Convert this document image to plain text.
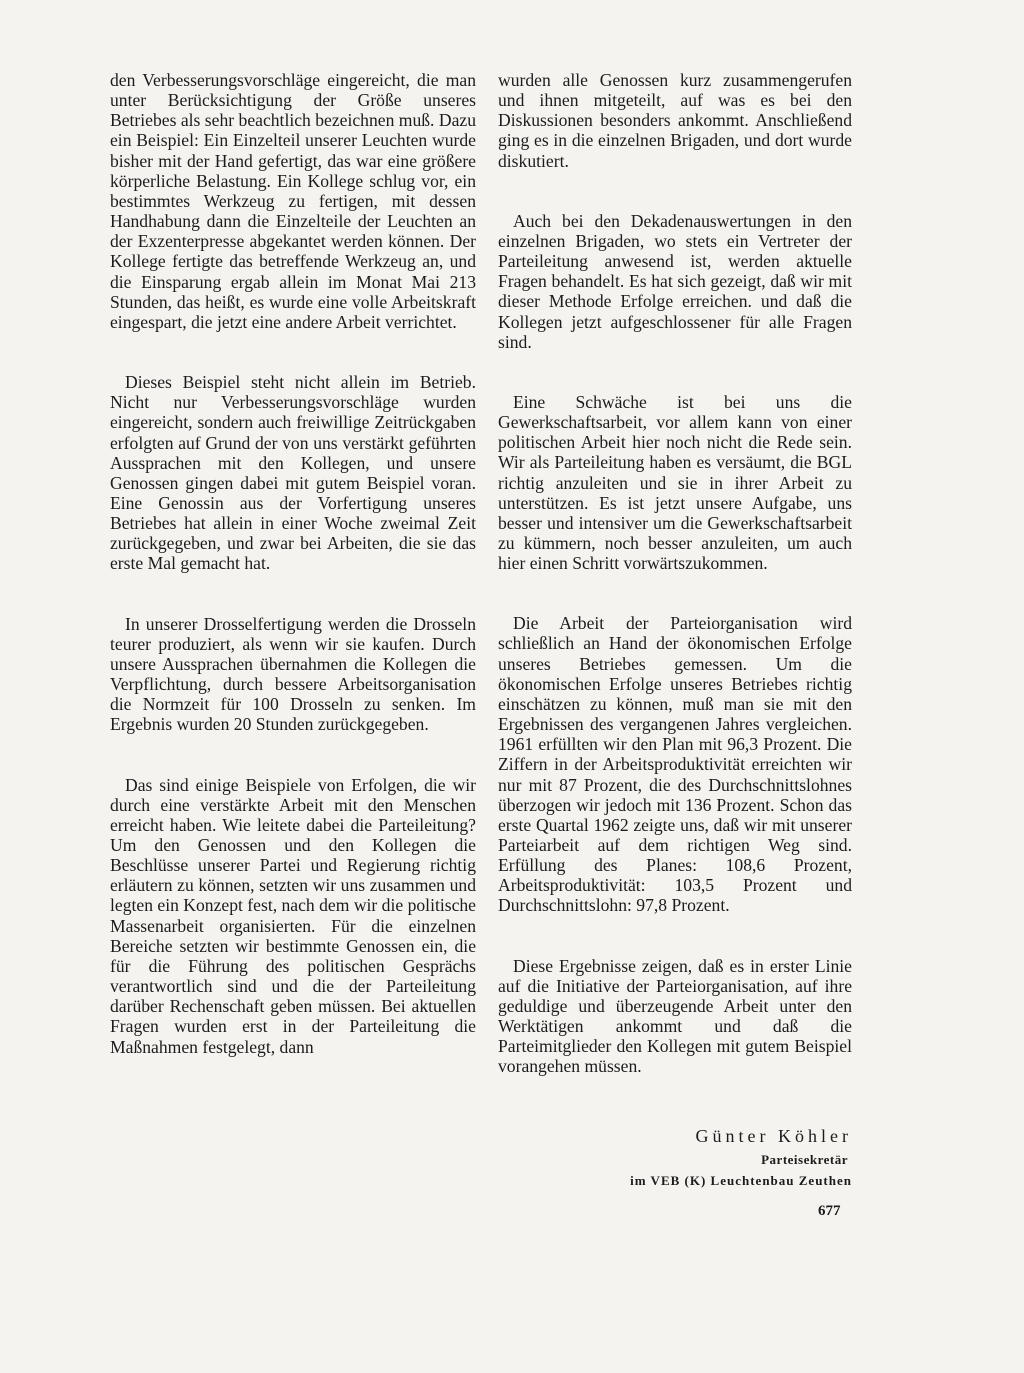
den Verbesserungsvorschläge eingereicht, die man unter Berücksichtigung der Größe unseres Betriebes als sehr beachtlich bezeichnen muß. Dazu ein Beispiel: Ein Einzelteil unserer Leuchten wurde bisher mit der Hand gefertigt, das war eine größere körperliche Belastung. Ein Kollege schlug vor, ein bestimmtes Werkzeug zu fertigen, mit dessen Handhabung dann die Einzelteile der Leuchten an der Exzenterpresse abgekantet werden können. Der Kollege fertigte das betreffende Werkzeug an, und die Einsparung ergab allein im Monat Mai 213 Stunden, das heißt, es wurde eine volle Arbeitskraft eingespart, die jetzt eine andere Arbeit verrichtet.

Dieses Beispiel steht nicht allein im Betrieb. Nicht nur Verbesserungsvorschläge wurden eingereicht, sondern auch freiwillige Zeitrückgaben erfolgten auf Grund der von uns verstärkt geführten Aussprachen mit den Kollegen, und unsere Genossen gingen dabei mit gutem Beispiel voran. Eine Genossin aus der Vorfertigung unseres Betriebes hat allein in einer Woche zweimal Zeit zurückgegeben, und zwar bei Arbeiten, die sie das erste Mal gemacht hat.

In unserer Drosselfertigung werden die Drosseln teurer produziert, als wenn wir sie kaufen. Durch unsere Aussprachen übernahmen die Kollegen die Verpflichtung, durch bessere Arbeitsorganisation die Normzeit für 100 Drosseln zu senken. Im Ergebnis wurden 20 Stunden zurückgegeben.

Das sind einige Beispiele von Erfolgen, die wir durch eine verstärkte Arbeit mit den Menschen erreicht haben. Wie leitete dabei die Parteileitung? Um den Genossen und den Kollegen die Beschlüsse unserer Partei und Regierung richtig erläutern zu können, setzten wir uns zusammen und legten ein Konzept fest, nach dem wir die politische Massenarbeit organisierten. Für die einzelnen Bereiche setzten wir bestimmte Genossen ein, die für die Führung des politischen Gesprächs verantwortlich sind und die der Parteileitung darüber Rechenschaft geben müssen. Bei aktuellen Fragen wurden erst in der Parteileitung die Maßnahmen festgelegt, dann

wurden alle Genossen kurz zusammengerufen und ihnen mitgeteilt, auf was es bei den Diskussionen besonders ankommt. Anschließend ging es in die einzelnen Brigaden, und dort wurde diskutiert.

Auch bei den Dekadenauswertungen in den einzelnen Brigaden, wo stets ein Vertreter der Parteileitung anwesend ist, werden aktuelle Fragen behandelt. Es hat sich gezeigt, daß wir mit dieser Methode Erfolge erreichen. und daß die Kollegen jetzt aufgeschlossener für alle Fragen sind.

Eine Schwäche ist bei uns die Gewerkschaftsarbeit, vor allem kann von einer politischen Arbeit hier noch nicht die Rede sein. Wir als Parteileitung haben es versäumt, die BGL richtig anzuleiten und sie in ihrer Arbeit zu unterstützen. Es ist jetzt unsere Aufgabe, uns besser und intensiver um die Gewerkschaftsarbeit zu kümmern, noch besser anzuleiten, um auch hier einen Schritt vorwärtszukommen.

Die Arbeit der Parteiorganisation wird schließlich an Hand der ökonomischen Erfolge unseres Betriebes gemessen. Um die ökonomischen Erfolge unseres Betriebes richtig einschätzen zu können, muß man sie mit den Ergebnissen des vergangenen Jahres vergleichen. 1961 erfüllten wir den Plan mit 96,3 Prozent. Die Ziffern in der Arbeitsproduktivität erreichten wir nur mit 87 Prozent, die des Durchschnittslohnes überzogen wir jedoch mit 136 Prozent. Schon das erste Quartal 1962 zeigte uns, daß wir mit unserer Parteiarbeit auf dem richtigen Weg sind. Erfüllung des Planes: 108,6 Prozent, Arbeitsproduktivität: 103,5 Prozent und Durchschnittslohn: 97,8 Prozent.

Diese Ergebnisse zeigen, daß es in erster Linie auf die Initiative der Parteiorganisation, auf ihre geduldige und überzeugende Arbeit unter den Werktätigen ankommt und daß die Parteimitglieder den Kollegen mit gutem Beispiel vorangehen müssen.

Günter Köhler
Parteisekretär
im VEB (K) Leuchtenbau Zeuthen
677
